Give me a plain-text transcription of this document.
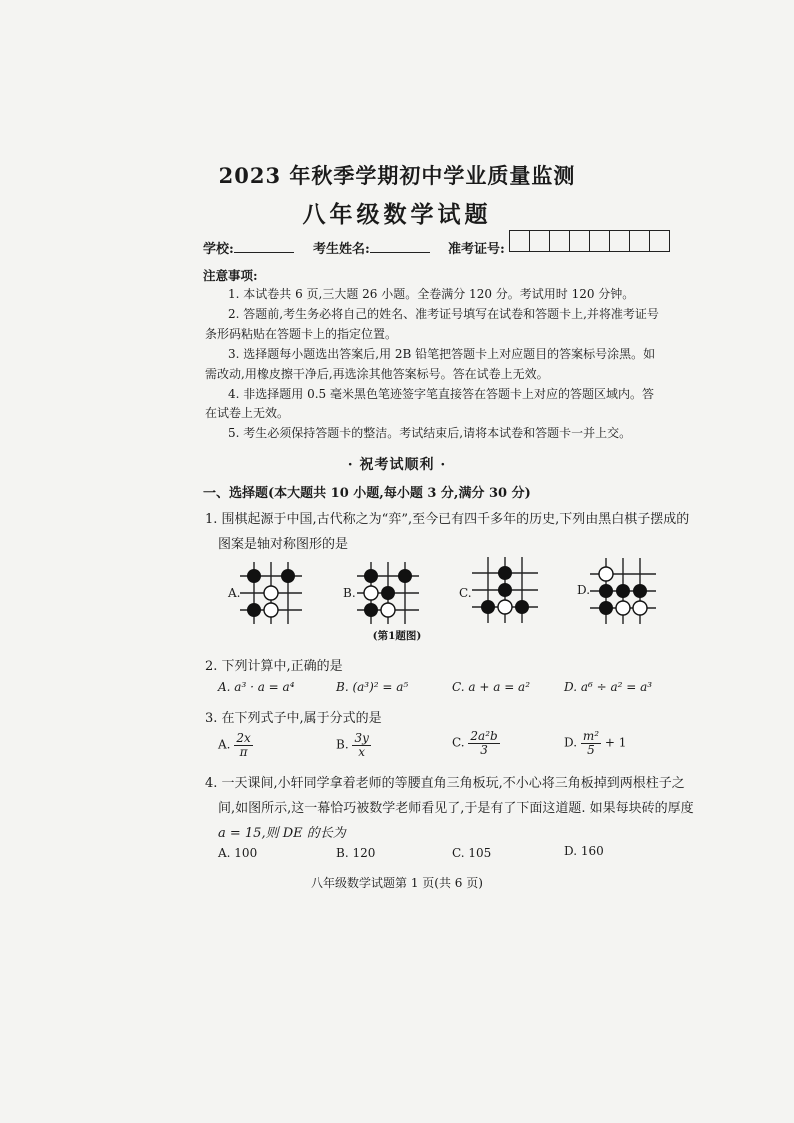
2023 年秋季学期初中学业质量监测
八年级数学试题
学校:	考生姓名:	准考证号:
注意事项:
1. 本试卷共 6 页,三大题 26 小题。全卷满分 120 分。考试用时 120 分钟。
2. 答题前,考生务必将自己的姓名、准考证号填写在试卷和答题卡上,并将准考证号
条形码粘贴在答题卡上的指定位置。
3. 选择题每小题选出答案后,用 2B 铅笔把答题卡上对应题目的答案标号涂黑。如
需改动,用橡皮擦干净后,再选涂其他答案标号。答在试卷上无效。
4. 非选择题用 0.5 毫米黑色笔迹签字笔直接答在答题卡上对应的答题区域内。答
在试卷上无效。
5. 考生必须保持答题卡的整洁。考试结束后,请将本试卷和答题卡一并上交。
· 祝考试顺利 ·
一、选择题(本大题共 10 小题,每小题 3 分,满分 30 分)
1. 围棋起源于中国,古代称之为“弈”,至今已有四千多年的历史,下列由黑白棋子摆成的
图案是轴对称图形的是
A.	B.	C.	D.
(第1题图)
2. 下列计算中,正确的是
A. a³ · a = a⁴	B. (a³)² = a⁵	C. a + a = a²	D. a⁶ ÷ a² = a³
3. 在下列式子中,属于分式的是
A. $\frac{2x}{\pi}$	B. $\frac{3y}{x}$	C. $\frac{\text{2a²b}}{3}$	D. $\frac{\text{m²}}{5} + 1$
4. 一天课间,小轩同学拿着老师的等腰直角三角板玩,不小心将三角板掉到两根柱子之
间,如图所示,这一幕恰巧被数学老师看见了,于是有了下面这道题. 如果每块砖的厚度
a = 15,则 DE 的长为
A. 100	B. 120	C. 105	D. 160
八年级数学试题第 1 页(共 6 页)
